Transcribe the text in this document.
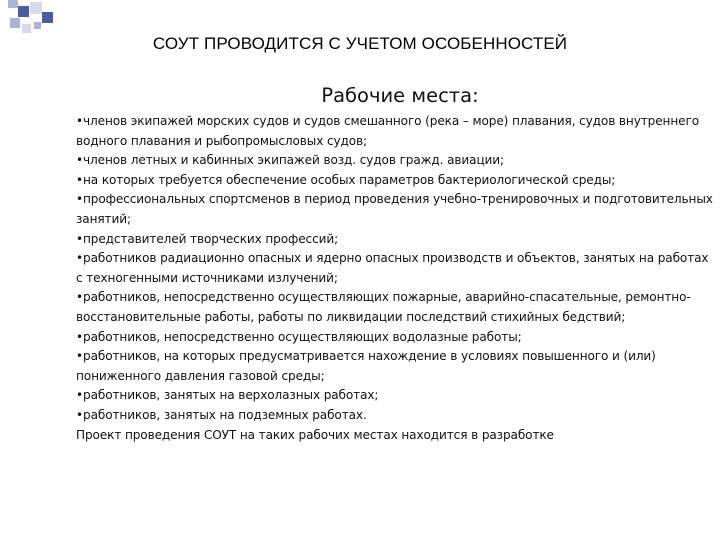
СОУТ ПРОВОДИТСЯ С УЧЕТОМ ОСОБЕННОСТЕЙ
Рабочие места:

•членов экипажей морских судов и судов смешанного (река – море) плавания, судов внутреннего водного плавания и рыбопромысловых судов;

•членов летных и кабинных экипажей возд. судов гражд. авиации;

•на которых требуется обеспечение особых параметров бактериологической среды;

•профессиональных спортсменов в период проведения учебно-тренировочных и подготовительных занятий;

•представителей творческих профессий;

•работников радиационно опасных и ядерно опасных производств и объектов, занятых на работах с техногенными источниками излучений;

•работников, непосредственно осуществляющих пожарные, аварийно-спасательные, ремонтно-восстановительные работы, работы по ликвидации последствий стихийных бедствий;

•работников, непосредственно осуществляющих водолазные работы;

•работников, на которых предусматривается нахождение в условиях повышенного и (или) пониженного давления газовой среды;

•работников, занятых на верхолазных работах;

•работников, занятых на подземных работах.

Проект проведения СОУТ на таких рабочих местах находится в разработке
